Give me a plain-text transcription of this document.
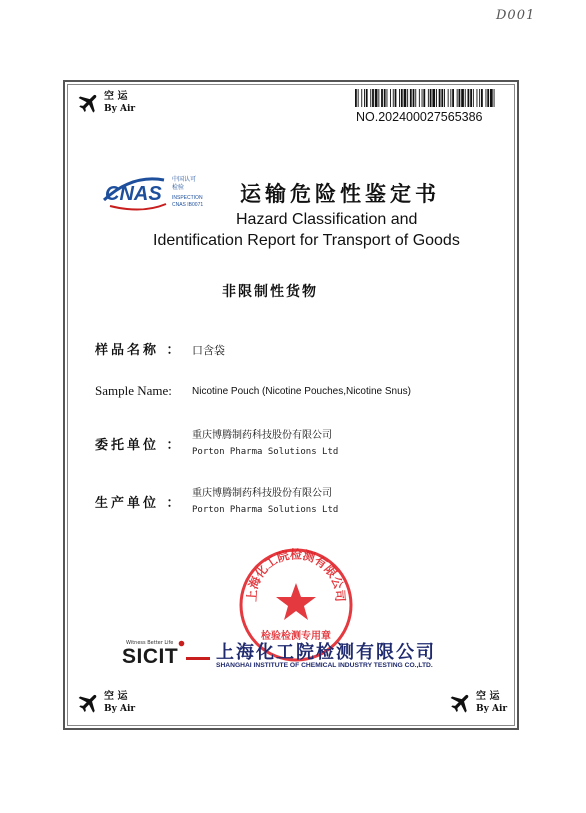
D001
空 运
By Air
NO.202400027565386
CNAS
中国认可
检验
INSPECTION
CNAS IB0071 运输危险性鉴定书
Hazard Classification and
Identification Report for Transport of Goods
非限制性货物
样品名称 ： 口含袋
Sample Name: Nicotine Pouch (Nicotine Pouches,Nicotine Snus)
委托单位 ：
重庆博腾制药科技股份有限公司
Porton Pharma Solutions Ltd
生产单位 ：
重庆博腾制药科技股份有限公司
Porton Pharma Solutions Ltd
上海化工院检测有限公司
检验检测专用章
Witness Better Life
SICIT 上海化工院检测有限公司
SHANGHAI INSTITUTE OF CHEMICAL INDUSTRY TESTING CO.,LTD.
空 运
By Air
空 运
By Air
